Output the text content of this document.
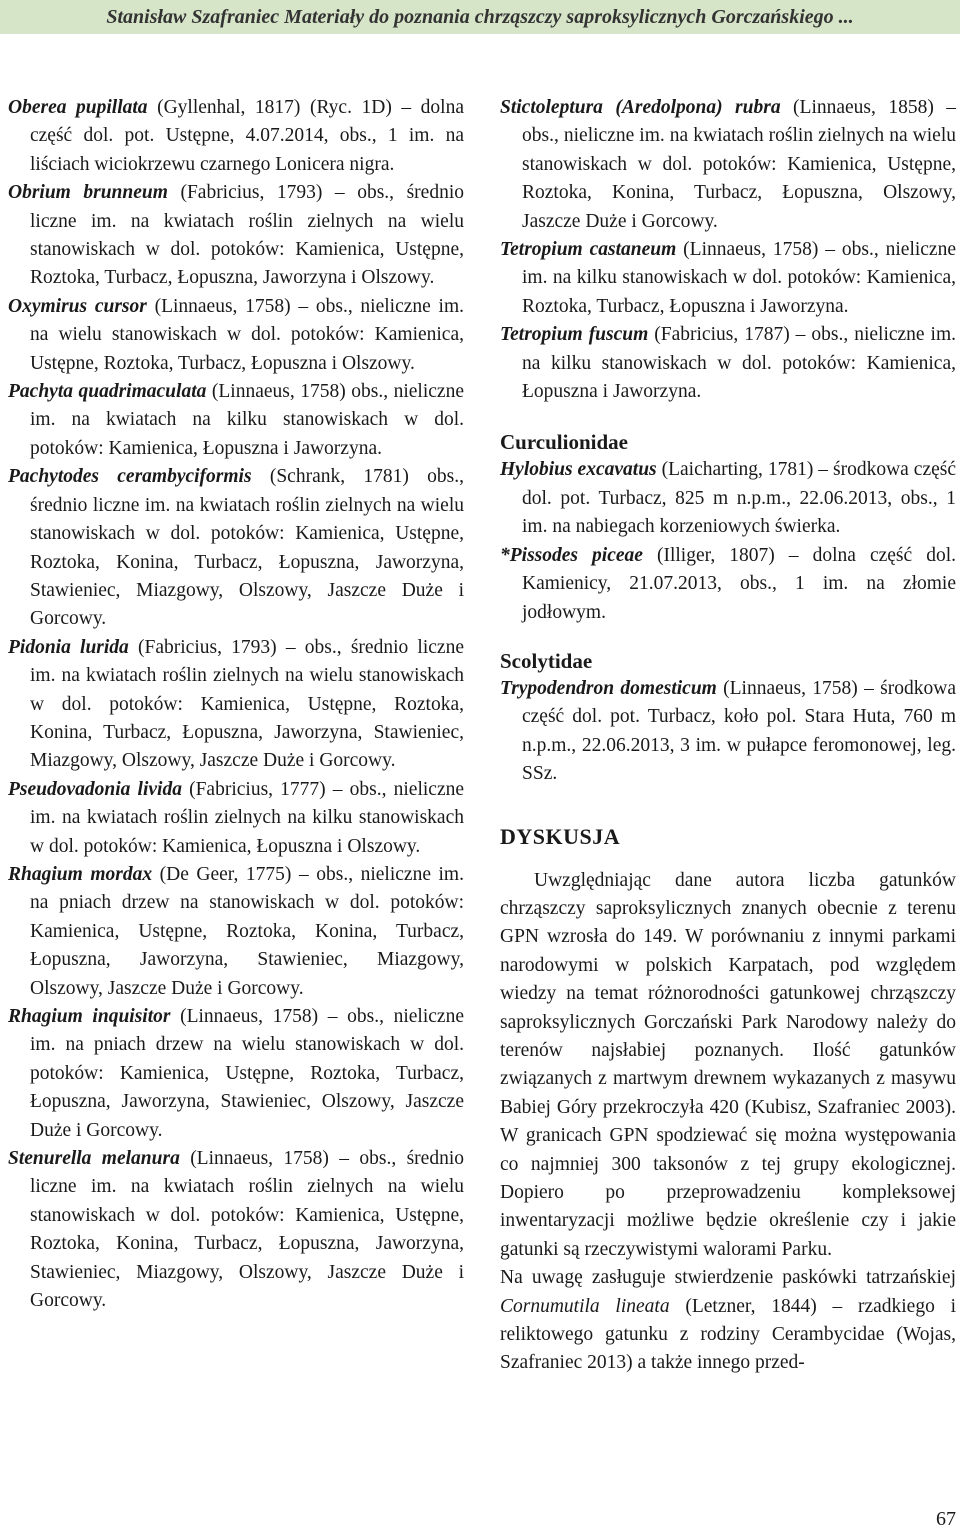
Stanisław Szafraniec Materiały do poznania chrząszczy saproksylicznych Gorczańskiego ...

Oberea pupillata (Gyllenhal, 1817) (Ryc. 1D) – dolna część dol. pot. Ustępne, 4.07.2014, obs., 1 im. na liściach wiciokrzewu czarnego Lonicera nigra.

Obrium brunneum (Fabricius, 1793) – obs., średnio liczne im. na kwiatach roślin zielnych na wielu stanowiskach w dol. potoków: Kamienica, Ustępne, Roztoka, Turbacz, Łopuszna, Jaworzyna i Olszowy.

Oxymirus cursor (Linnaeus, 1758) – obs., nieliczne im. na wielu stanowiskach w dol. potoków: Kamienica, Ustępne, Roztoka, Turbacz, Łopuszna i Olszowy.

Pachyta quadrimaculata (Linnaeus, 1758) obs., nieliczne im. na kwiatach na kilku stanowiskach w dol. potoków: Kamienica, Łopuszna i Jaworzyna.

Pachytodes cerambyciformis (Schrank, 1781) obs., średnio liczne im. na kwiatach roślin zielnych na wielu stanowiskach w dol. potoków: Kamienica, Ustępne, Roztoka, Konina, Turbacz, Łopuszna, Jaworzyna, Stawieniec, Miazgowy, Olszowy, Jaszcze Duże i Gorcowy.

Pidonia lurida (Fabricius, 1793) – obs., średnio liczne im. na kwiatach roślin zielnych na wielu stanowiskach w dol. potoków: Kamienica, Ustępne, Roztoka, Konina, Turbacz, Łopuszna, Jaworzyna, Stawieniec, Miazgowy, Olszowy, Jaszcze Duże i Gorcowy.

Pseudovadonia livida (Fabricius, 1777) – obs., nieliczne im. na kwiatach roślin zielnych na kilku stanowiskach w dol. potoków: Kamienica, Łopuszna i Olszowy.

Rhagium mordax (De Geer, 1775) – obs., nieliczne im. na pniach drzew na stanowiskach w dol. potoków: Kamienica, Ustępne, Roztoka, Konina, Turbacz, Łopuszna, Jaworzyna, Stawieniec, Miazgowy, Olszowy, Jaszcze Duże i Gorcowy.

Rhagium inquisitor (Linnaeus, 1758) – obs., nieliczne im. na pniach drzew na wielu stanowiskach w dol. potoków: Kamienica, Ustępne, Roztoka, Turbacz, Łopuszna, Jaworzyna, Stawieniec, Olszowy, Jaszcze Duże i Gorcowy.

Stenurella melanura (Linnaeus, 1758) – obs., średnio liczne im. na kwiatach roślin zielnych na wielu stanowiskach w dol. potoków: Kamienica, Ustępne, Roztoka, Konina, Turbacz, Łopuszna, Jaworzyna, Stawieniec, Miazgowy, Olszowy, Jaszcze Duże i Gorcowy.

Stictoleptura (Aredolpona) rubra (Linnaeus, 1858) – obs., nieliczne im. na kwiatach roślin zielnych na wielu stanowiskach w dol. potoków: Kamienica, Ustępne, Roztoka, Konina, Turbacz, Łopuszna, Olszowy, Jaszcze Duże i Gorcowy.

Tetropium castaneum (Linnaeus, 1758) – obs., nieliczne im. na kilku stanowiskach w dol. potoków: Kamienica, Roztoka, Turbacz, Łopuszna i Jaworzyna.

Tetropium fuscum (Fabricius, 1787) – obs., nieliczne im. na kilku stanowiskach w dol. potoków: Kamienica, Łopuszna i Jaworzyna.

Curculionidae

Hylobius excavatus (Laicharting, 1781) – środkowa część dol. pot. Turbacz, 825 m n.p.m., 22.06.2013, obs., 1 im. na nabiegach korzeniowych świerka.

*Pissodes piceae (Illiger, 1807) – dolna część dol. Kamienicy, 21.07.2013, obs., 1 im. na złomie jodłowym.

Scolytidae

Trypodendron domesticum (Linnaeus, 1758) – środkowa część dol. pot. Turbacz, koło pol. Stara Huta, 760 m n.p.m., 22.06.2013, 3 im. w pułapce feromonowej, leg. SSz.

DYSKUSJA

Uwzględniając dane autora liczba gatunków chrząszczy saproksylicznych znanych obecnie z terenu GPN wzrosła do 149. W porównaniu z innymi parkami narodowymi w polskich Karpatach, pod względem wiedzy na temat różnorodności gatunkowej chrząszczy saproksylicznych Gorczański Park Narodowy należy do terenów najsłabiej poznanych. Ilość gatunków związanych z martwym drewnem wykazanych z masywu Babiej Góry przekroczyła 420 (Kubisz, Szafraniec 2003). W granicach GPN spodziewać się można występowania co najmniej 300 taksonów z tej grupy ekologicznej. Dopiero po przeprowadzeniu kompleksowej inwentaryzacji możliwe będzie określenie czy i jakie gatunki są rzeczywistymi walorami Parku.

Na uwagę zasługuje stwierdzenie paskówki tatrzańskiej Cornumutila lineata (Letzner, 1844) – rzadkiego i reliktowego gatunku z rodziny Cerambycidae (Wojas, Szafraniec 2013) a także innego przed-

67
